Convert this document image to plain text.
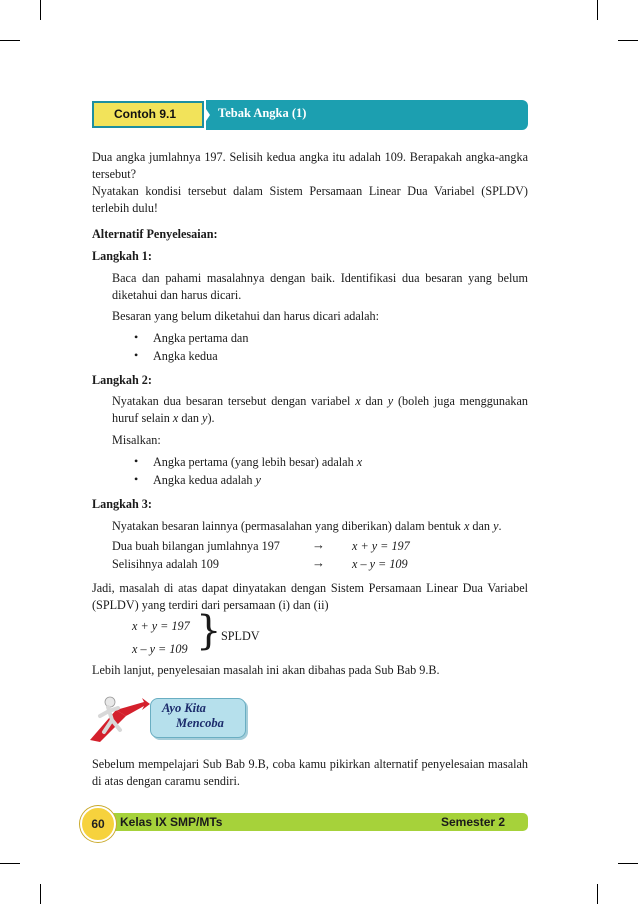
Contoh 9.1	Tebak Angka (1)
Dua angka jumlahnya 197. Selisih kedua angka itu adalah 109. Berapakah angka-angka tersebut?
Nyatakan kondisi tersebut dalam Sistem Persamaan Linear Dua Variabel (SPLDV) terlebih dulu!
Alternatif Penyelesaian:
Langkah 1:
Baca dan pahami masalahnya dengan baik. Identifikasi dua besaran yang belum diketahui dan harus dicari.
Besaran yang belum diketahui dan harus dicari adalah:
• Angka pertama dan
• Angka kedua
Langkah 2:
Nyatakan dua besaran tersebut dengan variabel x dan y (boleh juga menggunakan huruf selain x dan y).
Misalkan:
• Angka pertama (yang lebih besar) adalah x
• Angka kedua adalah y
Langkah 3:
Nyatakan besaran lainnya (permasalahan yang diberikan) dalam bentuk x dan y.
Dua buah bilangan jumlahnya 197 → x + y = 197
Selisihnya adalah 109	→ x – y = 109
Jadi, masalah di atas dapat dinyatakan dengan Sistem Persamaan Linear Dua Variabel (SPLDV) yang terdiri dari persamaan (i) dan (ii)
x + y = 197
x – y = 109 } SPLDV
Lebih lanjut, penyelesaian masalah ini akan dibahas pada Sub Bab 9.B.
Ayo Kita
Mencoba
Sebelum mempelajari Sub Bab 9.B, coba kamu pikirkan alternatif penyelesaian masalah di atas dengan caramu sendiri.
60	Kelas IX SMP/MTs	Semester 2
